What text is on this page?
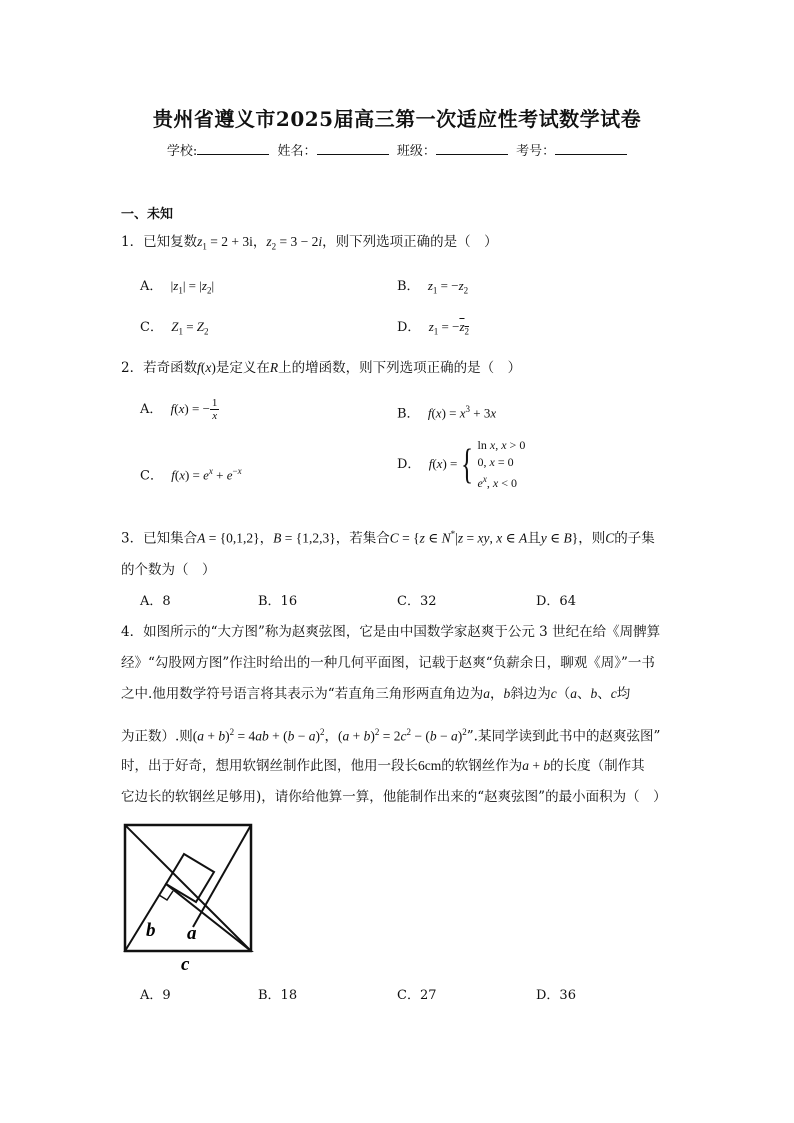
贵州省遵义市2025届高三第一次适应性考试数学试卷
学校:	姓名：	班级：	考号：
一、未知
1．已知复数$z_1 = 2 + 3i$，$z_2 = 3 - 2i$，则下列选项正确的是（　）
A． $|z_1| = |z_2|$	B． $z_1 = -z_2$
C． $Z_1 = Z_2$	D． $z_1 = -z_2$
2．若奇函数f(x)是定义在R上的增函数，则下列选项正确的是（　）
A． f(x) = − $\frac{1}{x}$	B． $f(x) = x^3 + 3x$
C． $f(x) = e^x + e^{-x}$	D． f(x) ={ ln x, x > 0
0, x = 0
$e^x$, x < 0
3．已知集合A = {0,1,2}，B = {1,2,3}，若集合C = {z ∈ N*|z = xy, x ∈ A且y ∈ B}，则C的子集
的个数为（　）
A．8	B．16	C．32	D．64
4．如图所示的“大方图”称为赵爽弦图，它是由中国数学家赵爽于公元 3 世纪在给《周髀算
经》“勾股网方图”作注时给出的一种几何平面图，记载于赵爽“负薪余日，聊观《周》”一书
之中.他用数学符号语言将其表示为“若直角三角形两直角边为a，b斜边为c（a、b、c均
为正数）.则$(a + b)^2 = 4ab + (b - a)^2$，$(a + b)^2 = 2c^2 - (b - a)^2$”.某同学读到此书中的赵爽弦图”
时，出于好奇，想用软钢丝制作此图，他用一段长6cm的软钢丝作为a + b的长度（制作其
它边长的软钢丝足够用)，请你给他算一算，他能制作出来的“赵爽弦图”的最小面积为（　）
b a
c
A．9	B．18	C．27	D．36
